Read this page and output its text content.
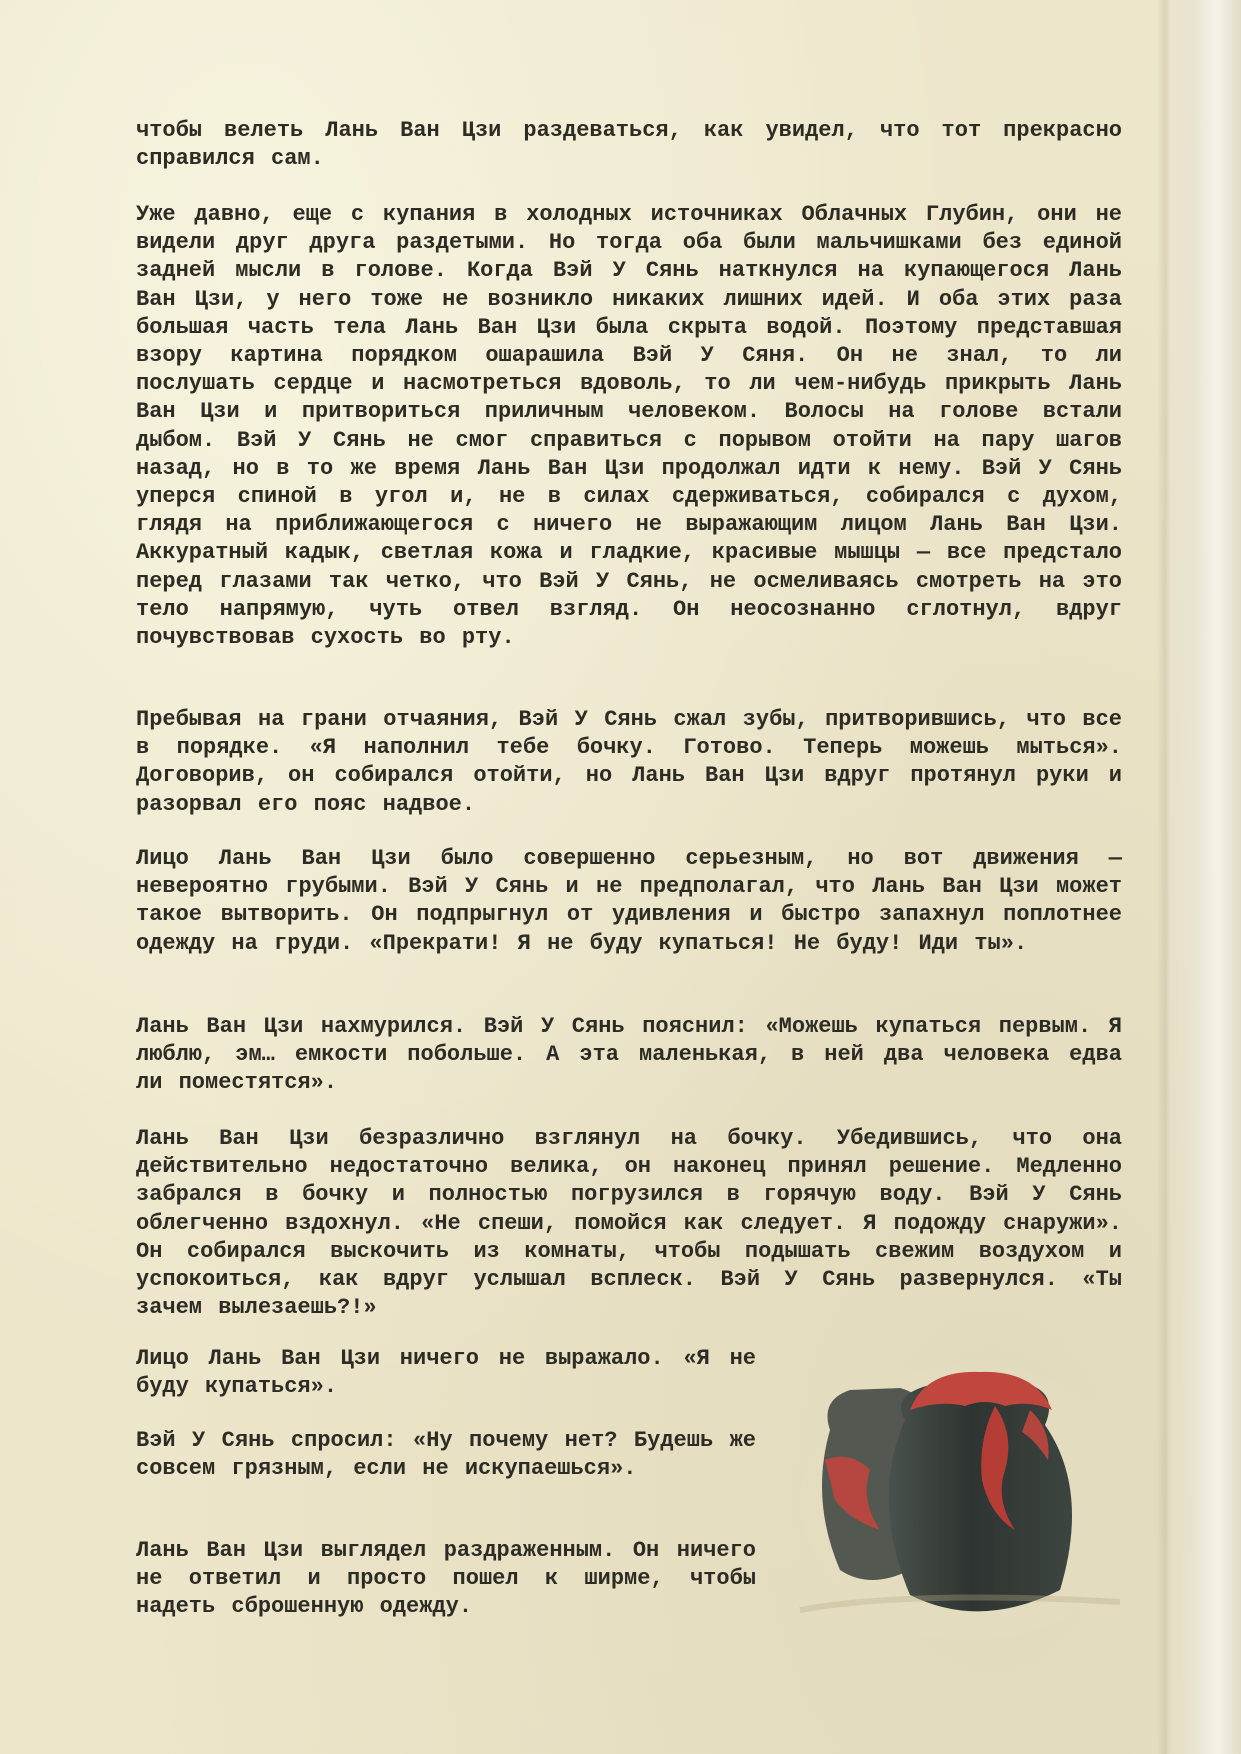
чтобы велеть Лань Ван Цзи раздеваться, как увидел, что тот прекрасно справился сам.
Уже давно, еще с купания в холодных источниках Облачных Глубин, они не видели друг друга раздетыми. Но тогда оба были мальчишками без единой задней мысли в голове. Когда Вэй У Сянь наткнулся на купающегося Лань Ван Цзи, у него тоже не возникло никаких лишних идей. И оба этих раза большая часть тела Лань Ван Цзи была скрыта водой. Поэтому представшая взору картина порядком ошарашила Вэй У Сяня. Он не знал, то ли послушать сердце и насмотреться вдоволь, то ли чем-нибудь прикрыть Лань Ван Цзи и притвориться приличным человеком. Волосы на голове встали дыбом. Вэй У Сянь не смог справиться с порывом отойти на пару шагов назад, но в то же время Лань Ван Цзи продолжал идти к нему. Вэй У Сянь уперся спиной в угол и, не в силах сдерживаться, собирался с духом, глядя на приближающегося с ничего не выражающим лицом Лань Ван Цзи. Аккуратный кадык, светлая кожа и гладкие, красивые мышцы — все предстало перед глазами так четко, что Вэй У Сянь, не осмеливаясь смотреть на это тело напрямую, чуть отвел взгляд. Он неосознанно сглотнул, вдруг почувствовав сухость во рту.
Пребывая на грани отчаяния, Вэй У Сянь сжал зубы, притворившись, что все в порядке. «Я наполнил тебе бочку. Готово. Теперь можешь мыться». Договорив, он собирался отойти, но Лань Ван Цзи вдруг протянул руки и разорвал его пояс надвое.
Лицо Лань Ван Цзи было совершенно серьезным, но вот движения — невероятно грубыми. Вэй У Сянь и не предполагал, что Лань Ван Цзи может такое вытворить. Он подпрыгнул от удивления и быстро запахнул поплотнее одежду на груди. «Прекрати! Я не буду купаться! Не буду! Иди ты».
Лань Ван Цзи нахмурился. Вэй У Сянь пояснил: «Можешь купаться первым. Я люблю, эм… емкости побольше. А эта маленькая, в ней два человека едва ли поместятся».
Лань Ван Цзи безразлично взглянул на бочку. Убедившись, что она действительно недостаточно велика, он наконец принял решение. Медленно забрался в бочку и полностью погрузился в горячую воду. Вэй У Сянь облегченно вздохнул. «Не спеши, помойся как следует. Я подожду снаружи». Он собирался выскочить из комнаты, чтобы подышать свежим воздухом и успокоиться, как вдруг услышал всплеск. Вэй У Сянь развернулся. «Ты зачем вылезаешь?!»
Лицо Лань Ван Цзи ничего не выражало. «Я не буду купаться».
Вэй У Сянь спросил: «Ну почему нет? Будешь же совсем грязным, если не искупаешься».
Лань Ван Цзи выглядел раздраженным. Он ничего не ответил и просто пошел к ширме, чтобы надеть сброшенную одежду.
